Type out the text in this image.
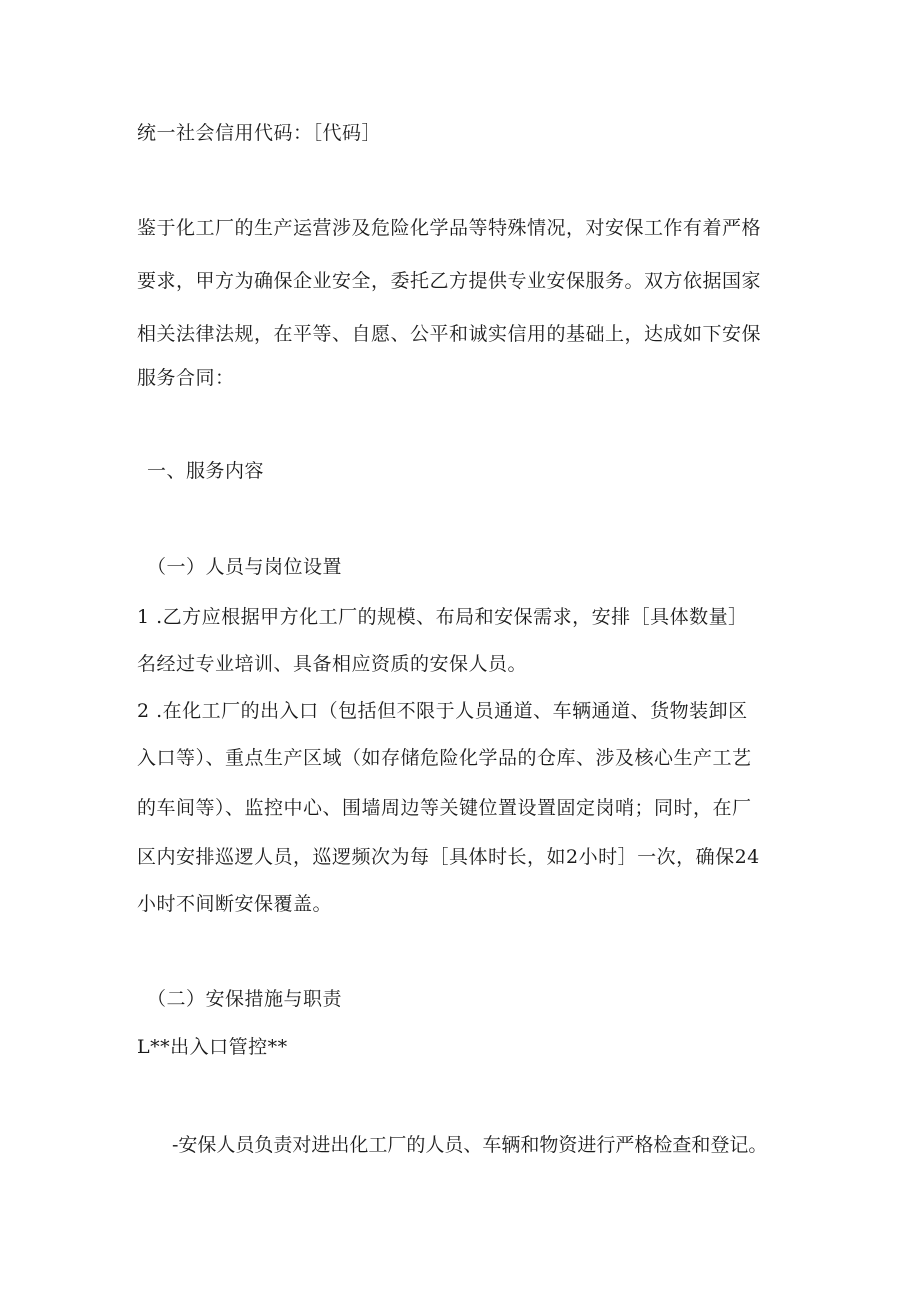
统一社会信用代码：［代码］
鉴于化工厂的生产运营涉及危险化学品等特殊情况，对安保工作有着严格
要求，甲方为确保企业安全，委托乙方提供专业安保服务。双方依据国家
相关法律法规，在平等、自愿、公平和诚实信用的基础上，达成如下安保
服务合同：
一、服务内容
（一）人员与岗位设置
1 .乙方应根据甲方化工厂的规模、布局和安保需求，安排［具体数量］
名经过专业培训、具备相应资质的安保人员。
2 .在化工厂的出入口（包括但不限于人员通道、车辆通道、货物装卸区
入口等）、重点生产区域（如存储危险化学品的仓库、涉及核心生产工艺
的车间等）、监控中心、围墙周边等关键位置设置固定岗哨；同时，在厂
区内安排巡逻人员，巡逻频次为每［具体时长，如2小时］一次，确保24
小时不间断安保覆盖。
（二）安保措施与职责
L**出入口管控**
-安保人员负责对进出化工厂的人员、车辆和物资进行严格检查和登记。
